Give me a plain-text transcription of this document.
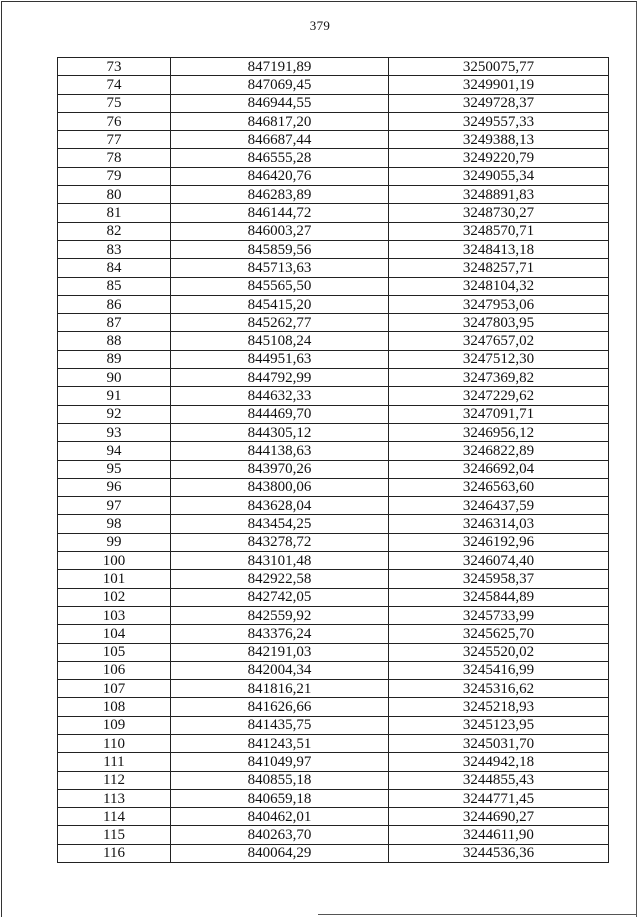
379
73	847191,89	3250075,77
74	847069,45	3249901,19
75	846944,55	3249728,37
76	846817,20	3249557,33
77	846687,44	3249388,13
78	846555,28	3249220,79
79	846420,76	3249055,34
80	846283,89	3248891,83
81	846144,72	3248730,27
82	846003,27	3248570,71
83	845859,56	3248413,18
84	845713,63	3248257,71
85	845565,50	3248104,32
86	845415,20	3247953,06
87	845262,77	3247803,95
88	845108,24	3247657,02
89	844951,63	3247512,30
90	844792,99	3247369,82
91	844632,33	3247229,62
92	844469,70	3247091,71
93	844305,12	3246956,12
94	844138,63	3246822,89
95	843970,26	3246692,04
96	843800,06	3246563,60
97	843628,04	3246437,59
98	843454,25	3246314,03
99	843278,72	3246192,96
100	843101,48	3246074,40
101	842922,58	3245958,37
102	842742,05	3245844,89
103	842559,92	3245733,99
104	843376,24	3245625,70
105	842191,03	3245520,02
106	842004,34	3245416,99
107	841816,21	3245316,62
108	841626,66	3245218,93
109	841435,75	3245123,95
110	841243,51	3245031,70
111	841049,97	3244942,18
112	840855,18	3244855,43
113	840659,18	3244771,45
114	840462,01	3244690,27
115	840263,70	3244611,90
116	840064,29	3244536,36
